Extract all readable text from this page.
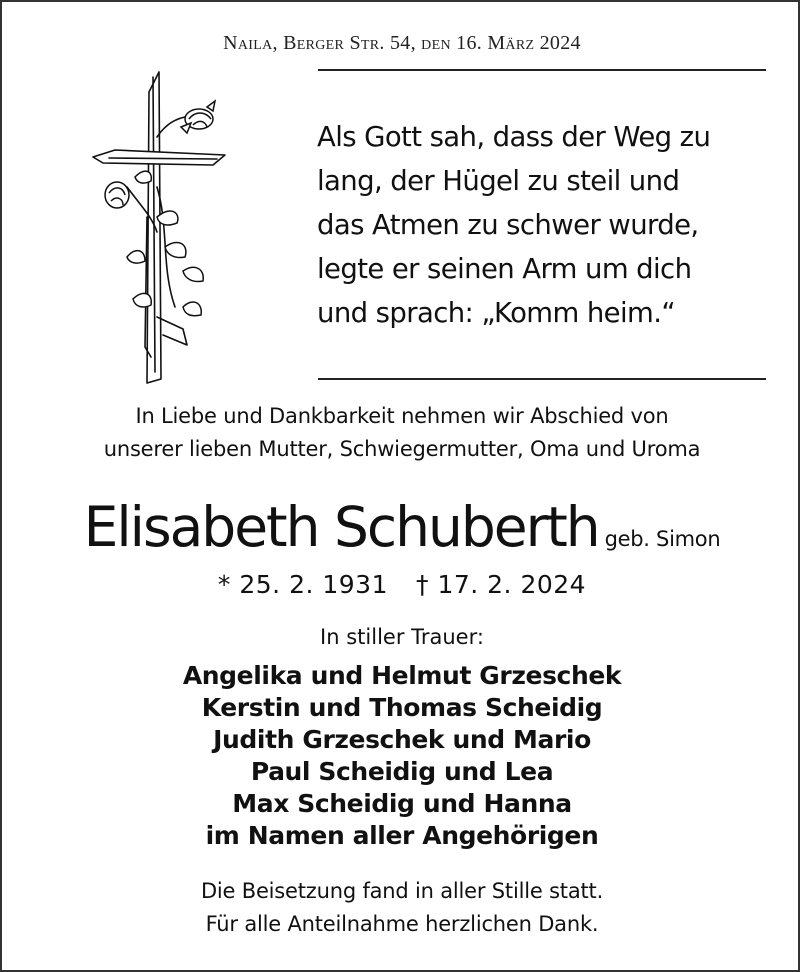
Naila, Berger Str. 54, den 16. März 2024
Als Gott sah, dass der Weg zu
lang, der Hügel zu steil und
das Atmen zu schwer wurde,
legte er seinen Arm um dich
und sprach: „Komm heim.“
In Liebe und Dankbarkeit nehmen wir Abschied von
unserer lieben Mutter, Schwiegermutter, Oma und Uroma
Elisabeth Schuberth geb. Simon
* 25. 2. 1931 † 17. 2. 2024
In stiller Trauer:
Angelika und Helmut Grzeschek
Kerstin und Thomas Scheidig
Judith Grzeschek und Mario
Paul Scheidig und Lea
Max Scheidig und Hanna
im Namen aller Angehörigen
Die Beisetzung fand in aller Stille statt.
Für alle Anteilnahme herzlichen Dank.
